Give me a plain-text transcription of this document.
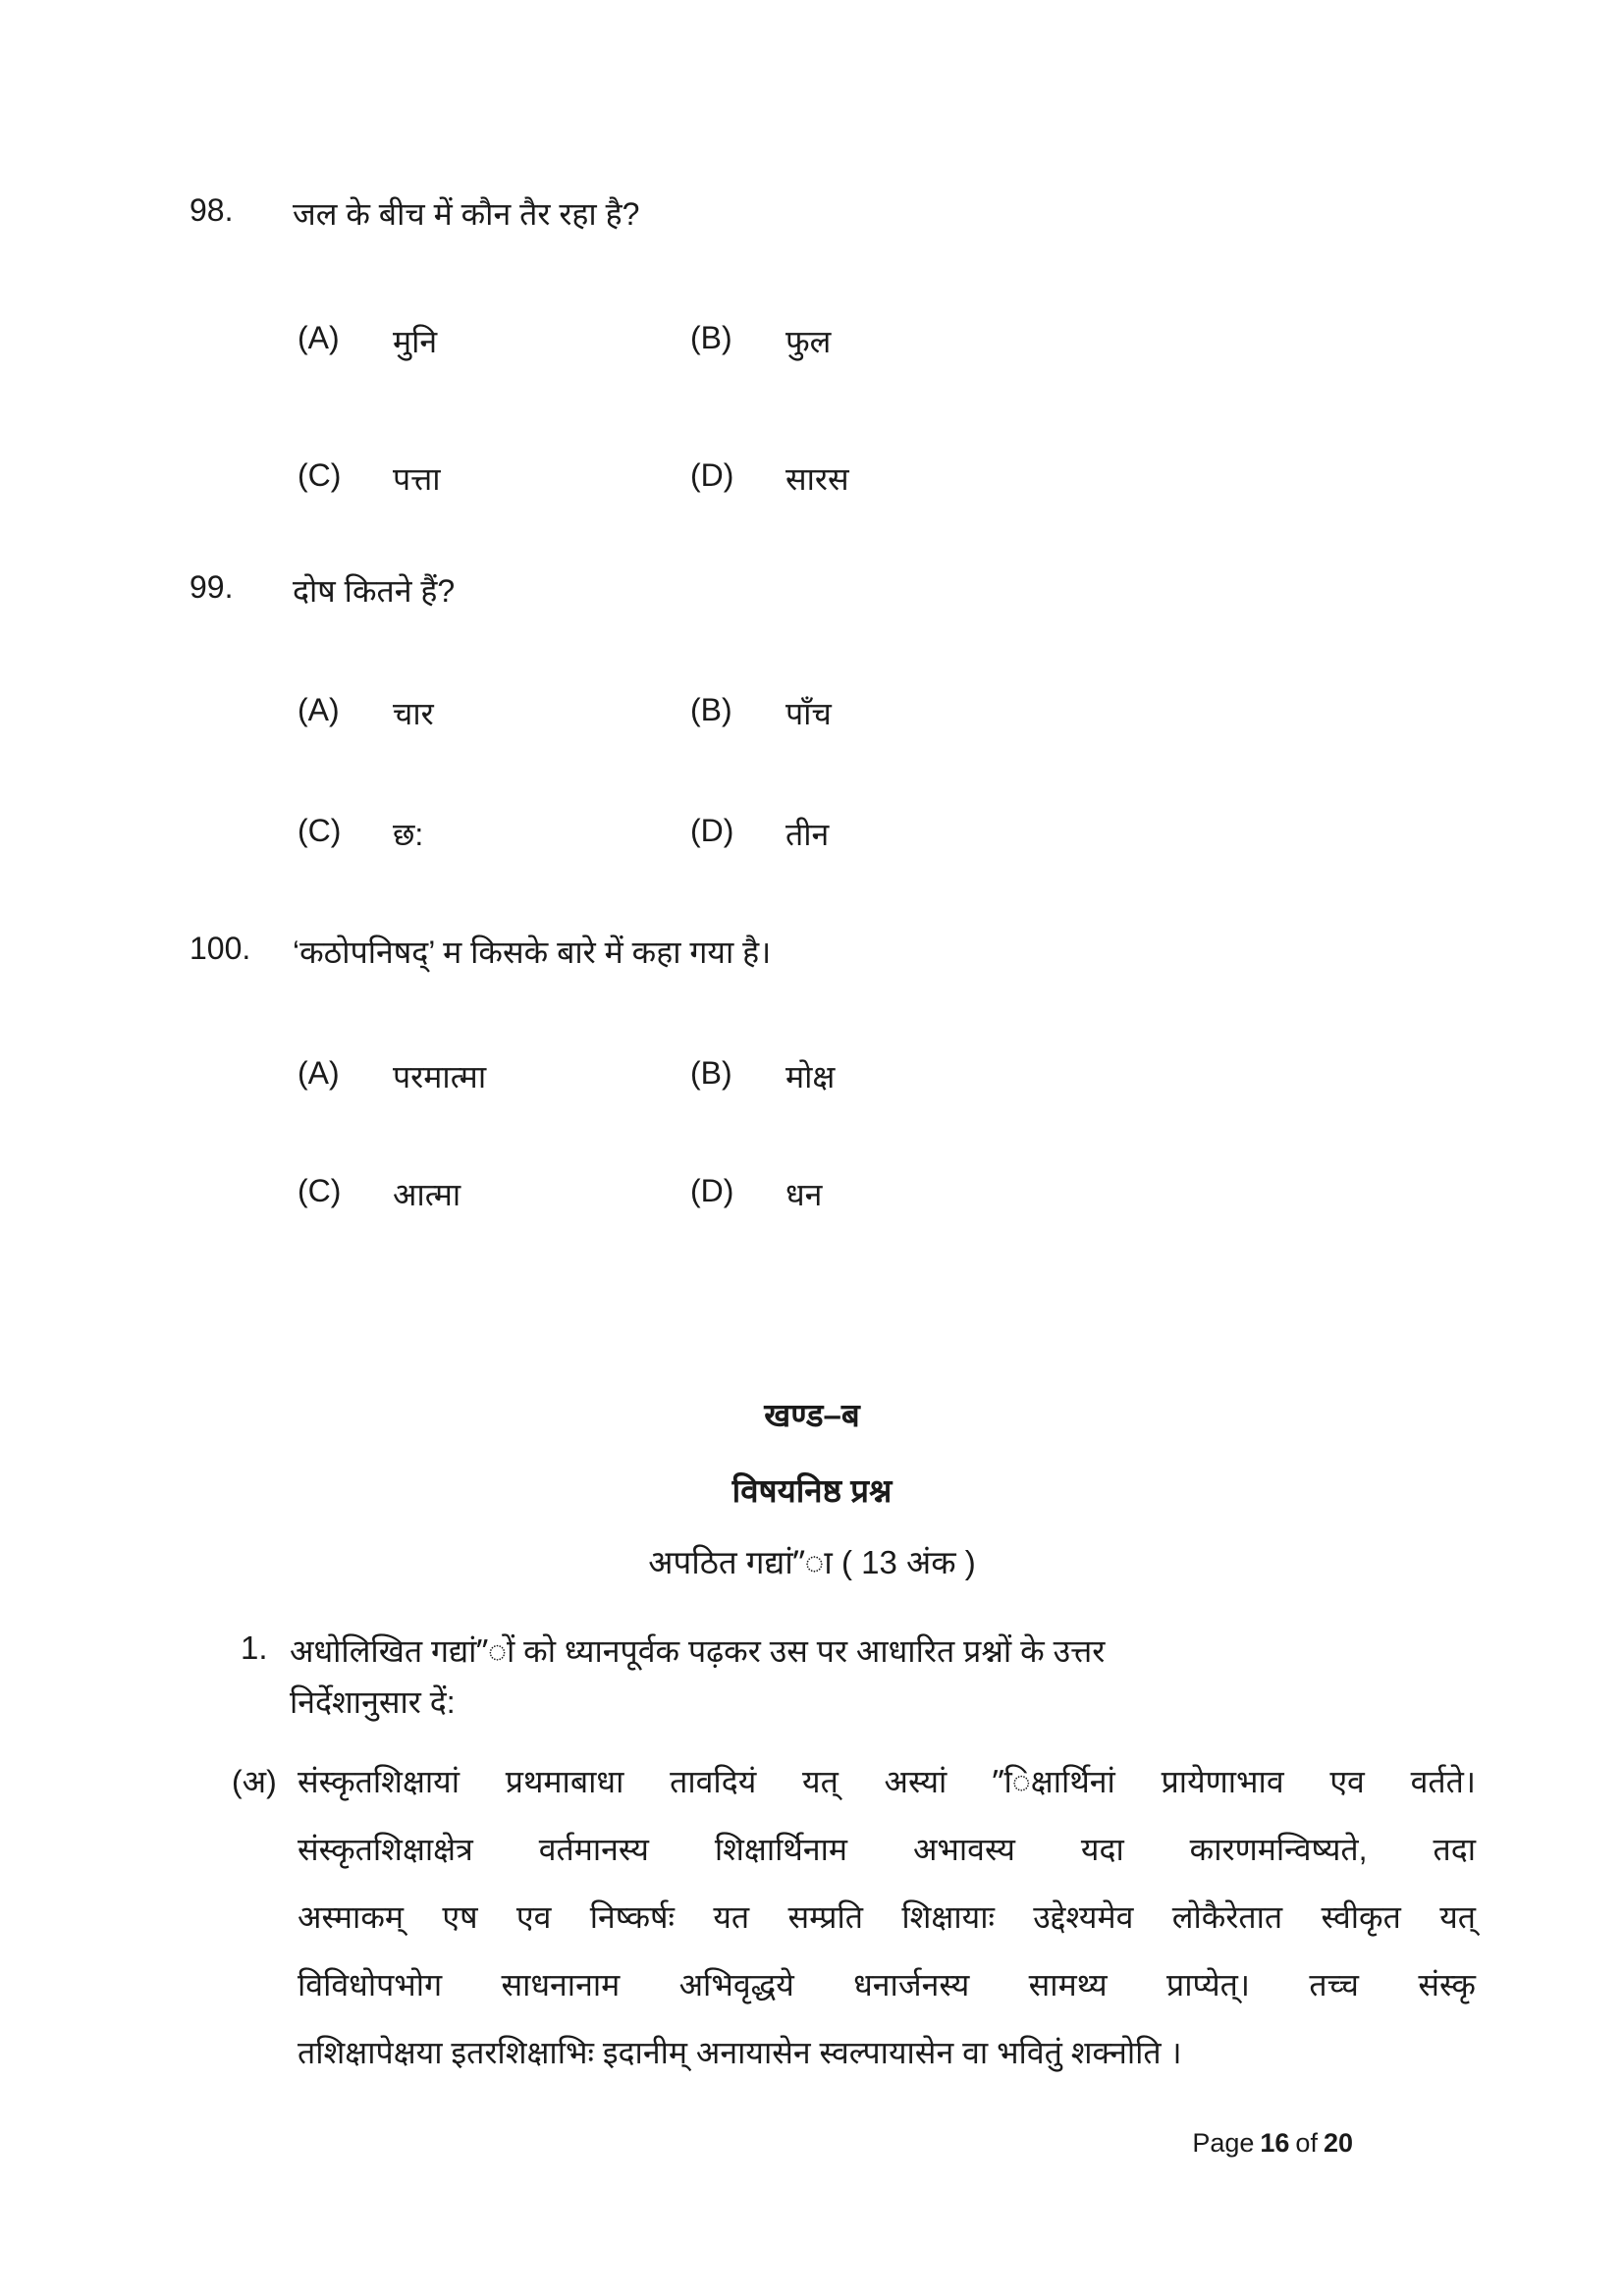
98. जल के बीच में कौन तैर रहा है?
(A) मुनि	(B) फुल
(C) पत्ता	(D) सारस
99. दोष कितने हैं?
(A) चार	(B) पाँच
(C) छ:	(D) तीन
100. ‘कठोपनिषद्’ म किसके बारे में कहा गया है।
(A) परमात्मा	(B) मोक्ष
(C) आत्मा	(D) धन
खण्ड–ब
विषयनिष्ठ प्रश्न
अपठित गद्यां”ा ( 13 अंक )
1. अधोलिखित गद्यां”ों को ध्यानपूर्वक पढ़कर उस पर आधारित प्रश्नों के उत्तर
निर्देशानुसार दें:
(अ) संस्कृतशिक्षायां प्रथमाबाधा तावदियं यत् अस्यां ”िक्षार्थिनां प्रायेणाभाव एव वर्तते।
संस्कृतशिक्षाक्षेत्र वर्तमानस्य शिक्षार्थिनाम अभावस्य यदा कारणमन्विष्यते, तदा
अस्माकम् एष एव निष्कर्षः यत सम्प्रति शिक्षायाः उद्देश्यमेव लोकैरेतात स्वीकृत यत्
विविधोपभोग साधनानाम अभिवृद्धये धनार्जनस्य सामथ्य प्राप्येत्। तच्च संस्कृ
तशिक्षापेक्षया इतरशिक्षाभिः इदानीम् अनायासेन स्वल्पायासेन वा भवितुं शक्नोति ।
Page 16 of 20
